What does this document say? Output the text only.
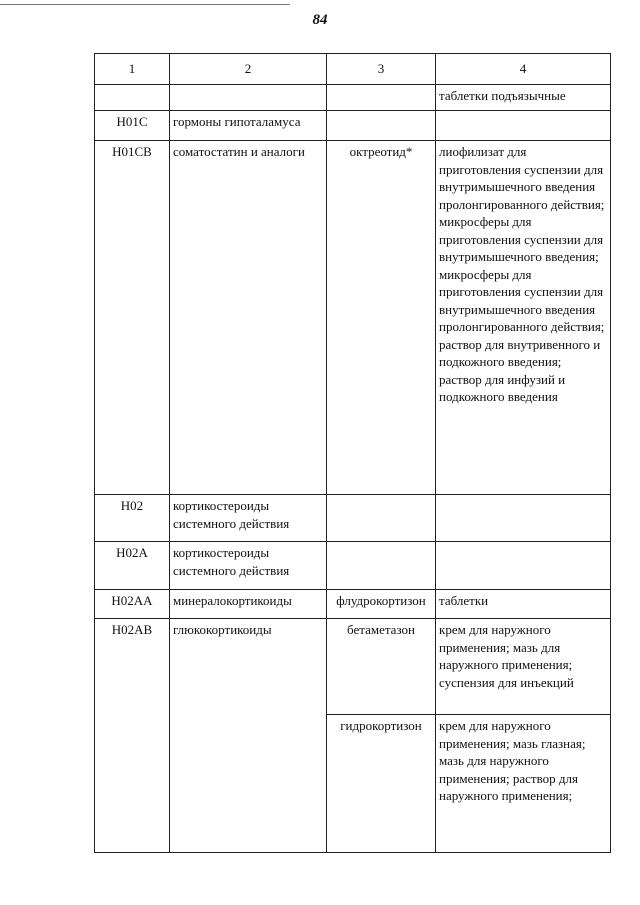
84
1	2	3	4
			таблетки подъязычные
H01C	гормоны гипоталамуса		
H01CB	соматостатин и аналоги	октреотид*	лиофилизат для приготовления суспензии для внутримышечного введения пролонгированного действия; микросферы для приготовления суспензии для внутримышечного введения; микросферы для приготовления суспензии для внутримышечного введения пролонгированного действия; раствор для внутривенного и подкожного введения; раствор для инфузий и подкожного введения
H02	кортикостероиды системного действия		
H02A	кортикостероиды системного действия		
H02AA	минералокортикоиды	флудрокортизон	таблетки
H02AB	глюкокортикоиды	бетаметазон	крем для наружного применения; мазь для наружного применения; суспензия для инъекций
		гидрокортизон	крем для наружного применения; мазь глазная; мазь для наружного применения; раствор для наружного применения;
